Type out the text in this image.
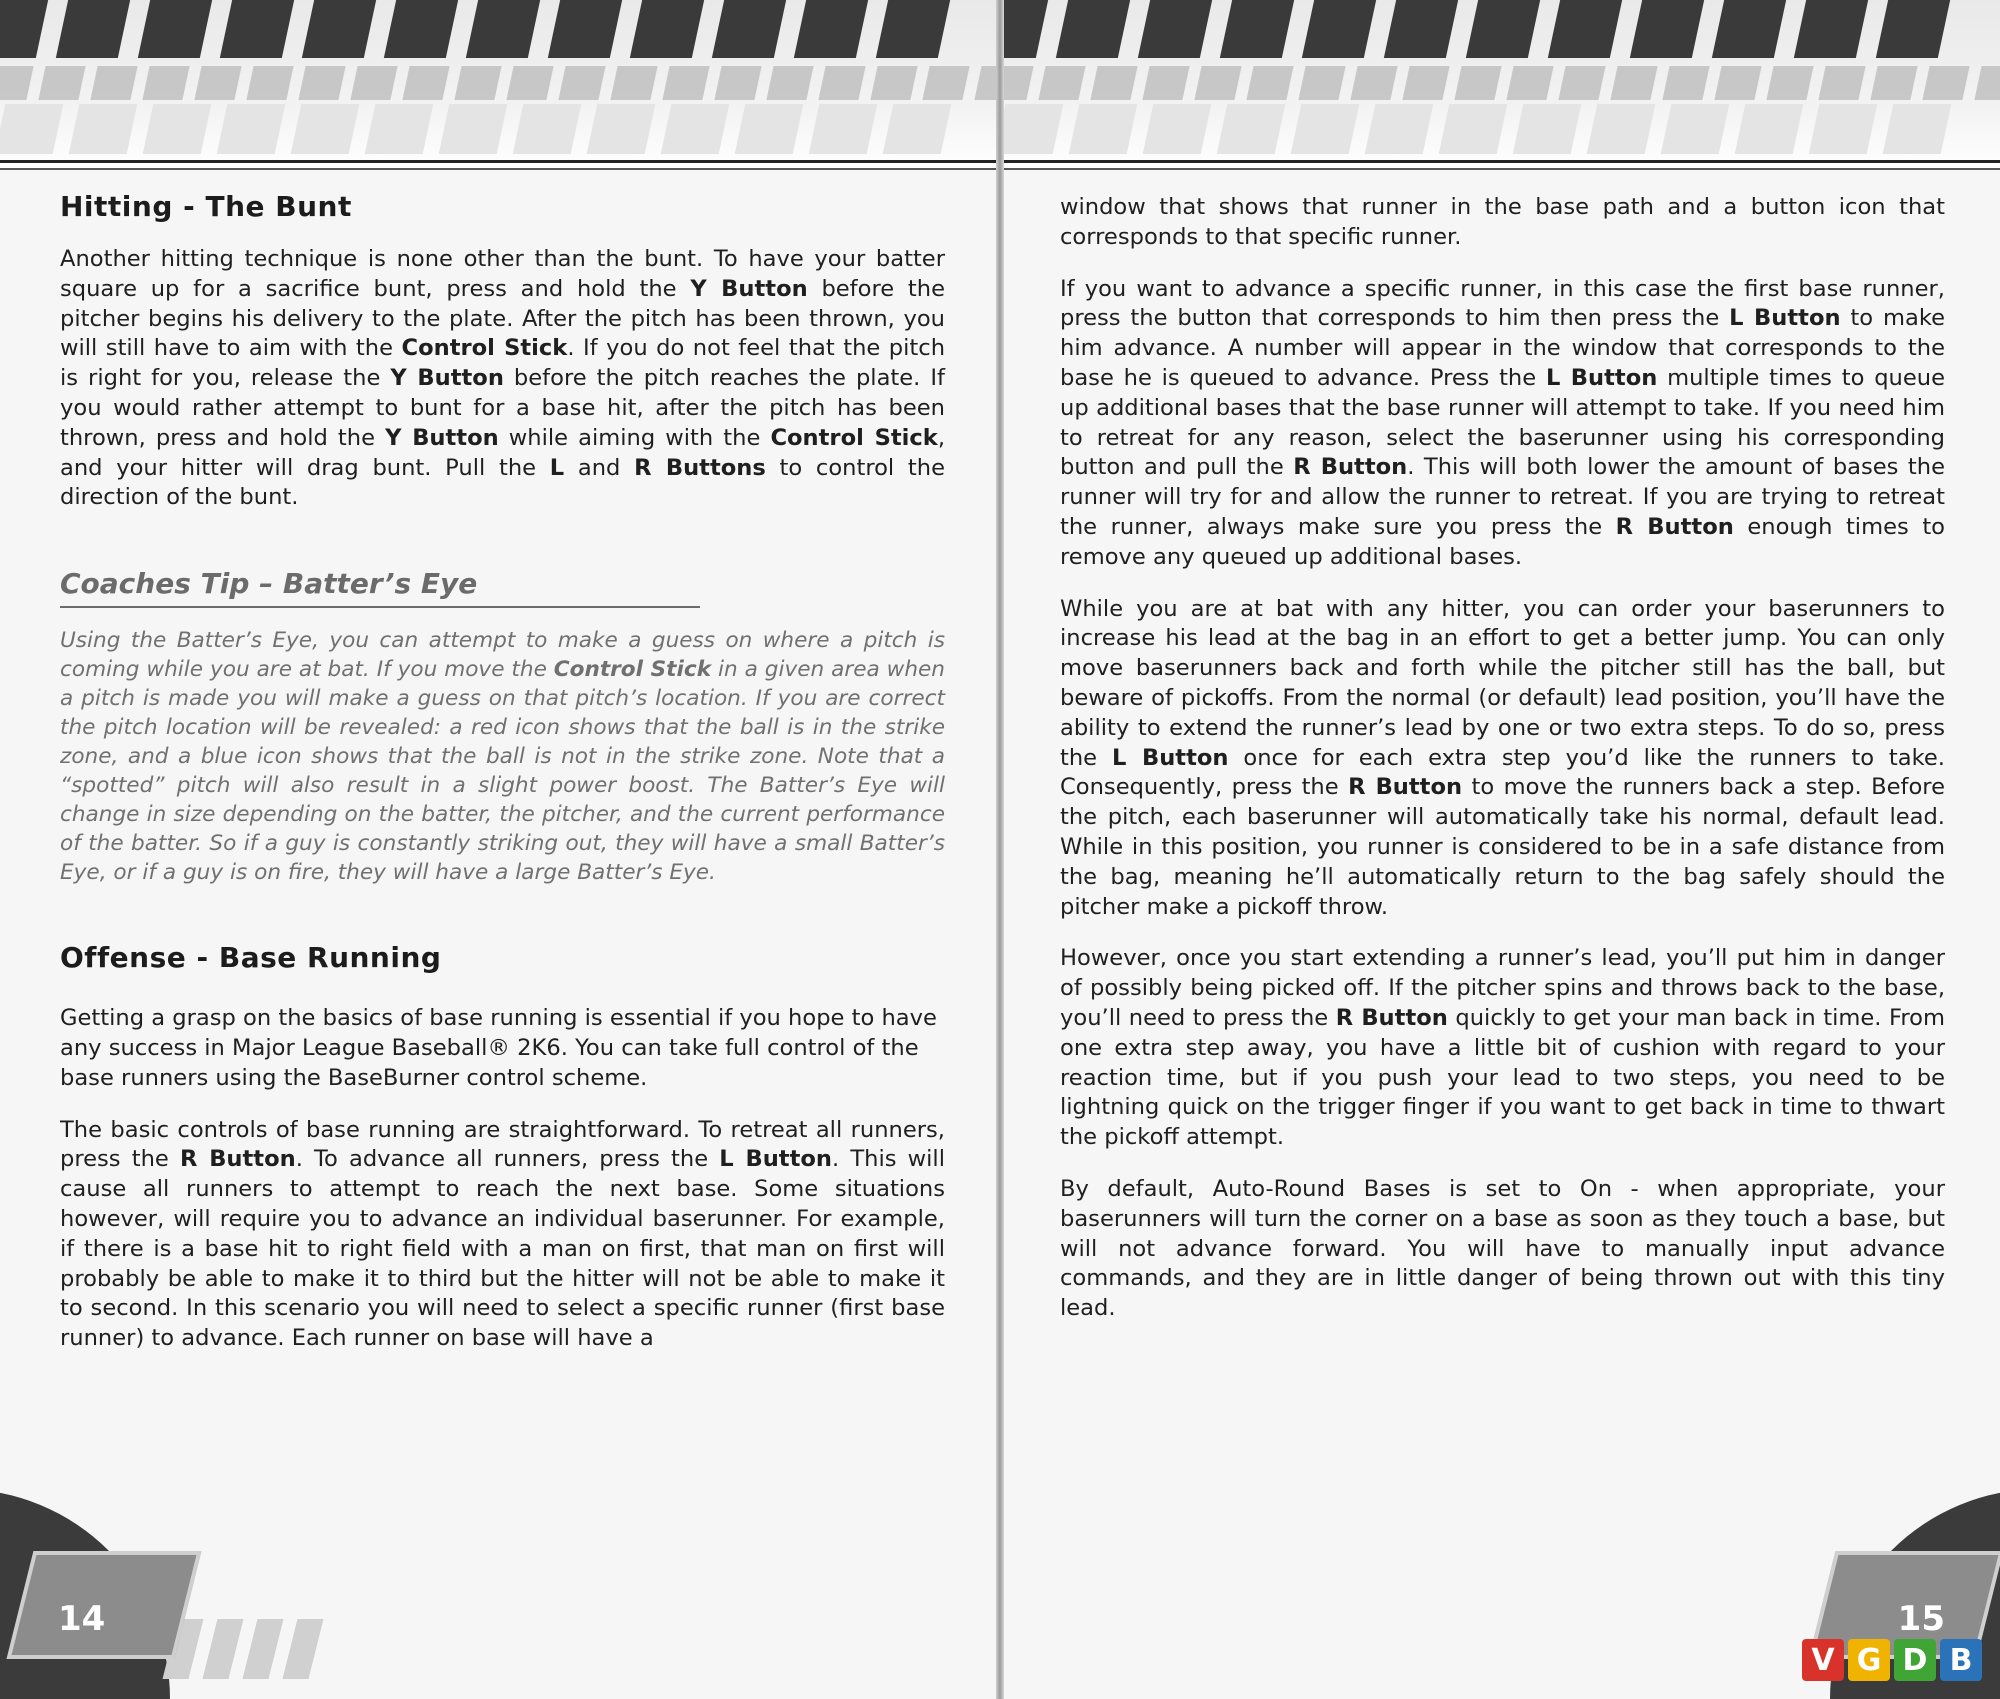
Hitting - The Bunt

Another hitting technique is none other than the bunt. To have your batter square up for a sacrifice bunt, press and hold the Y Button before the pitcher begins his delivery to the plate. After the pitch has been thrown, you will still have to aim with the Control Stick. If you do not feel that the pitch is right for you, release the Y Button before the pitch reaches the plate. If you would rather attempt to bunt for a base hit, after the pitch has been thrown, press and hold the Y Button while aiming with the Control Stick, and your hitter will drag bunt. Pull the L and R Buttons to control the direction of the bunt.

Coaches Tip – Batter’s Eye

Using the Batter’s Eye, you can attempt to make a guess on where a pitch is coming while you are at bat. If you move the Control Stick in a given area when a pitch is made you will make a guess on that pitch’s location. If you are correct the pitch location will be revealed: a red icon shows that the ball is in the strike zone, and a blue icon shows that the ball is not in the strike zone. Note that a “spotted” pitch will also result in a slight power boost. The Batter’s Eye will change in size depending on the batter, the pitcher, and the current performance of the batter. So if a guy is constantly striking out, they will have a small Batter’s Eye, or if a guy is on fire, they will have a large Batter’s Eye.

Offense - Base Running

Getting a grasp on the basics of base running is essential if you hope to have any success in Major League Baseball® 2K6. You can take full control of the base runners using the BaseBurner control scheme.

The basic controls of base running are straightforward. To retreat all runners, press the R Button. To advance all runners, press the L Button. This will cause all runners to attempt to reach the next base. Some situations however, will require you to advance an individual baserunner. For example, if there is a base hit to right field with a man on first, that man on first will probably be able to make it to third but the hitter will not be able to make it to second. In this scenario you will need to select a specific runner (first base runner) to advance. Each runner on base will have a

14

window that shows that runner in the base path and a button icon that corresponds to that specific runner.

If you want to advance a specific runner, in this case the first base runner, press the button that corresponds to him then press the L Button to make him advance. A number will appear in the window that corresponds to the base he is queued to advance. Press the L Button multiple times to queue up additional bases that the base runner will attempt to take. If you need him to retreat for any reason, select the baserunner using his corresponding button and pull the R Button. This will both lower the amount of bases the runner will try for and allow the runner to retreat. If you are trying to retreat the runner, always make sure you press the R Button enough times to remove any queued up additional bases.

While you are at bat with any hitter, you can order your baserunners to increase his lead at the bag in an effort to get a better jump. You can only move baserunners back and forth while the pitcher still has the ball, but beware of pickoffs. From the normal (or default) lead position, you’ll have the ability to extend the runner’s lead by one or two extra steps. To do so, press the L Button once for each extra step you’d like the runners to take. Consequently, press the R Button to move the runners back a step. Before the pitch, each baserunner will automatically take his normal, default lead. While in this position, you runner is considered to be in a safe distance from the bag, meaning he’ll automatically return to the bag safely should the pitcher make a pickoff throw.

However, once you start extending a runner’s lead, you’ll put him in danger of possibly being picked off. If the pitcher spins and throws back to the base, you’ll need to press the R Button quickly to get your man back in time. From one extra step away, you have a little bit of cushion with regard to your reaction time, but if you push your lead to two steps, you need to be lightning quick on the trigger finger if you want to get back in time to thwart the pickoff attempt.

By default, Auto-Round Bases is set to On - when appropriate, your baserunners will turn the corner on a base as soon as they touch a base, but will not advance forward. You will have to manually input advance commands, and they are in little danger of being thrown out with this tiny lead.

15
V G D B
